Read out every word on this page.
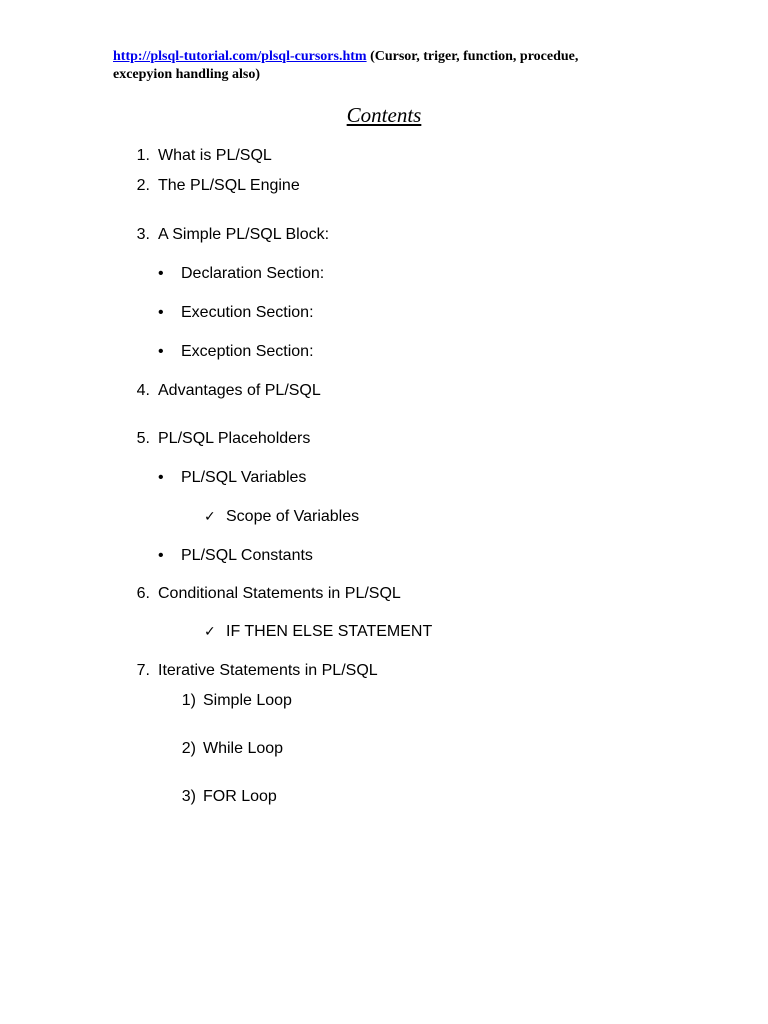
http://plsql-tutorial.com/plsql-cursors.htm (Cursor, triger, function, procedue,
excepyion handling also)
Contents
1. What is PL/SQL
2. The PL/SQL Engine
3. A Simple PL/SQL Block:
• Declaration Section:
• Execution Section:
• Exception Section:
4. Advantages of PL/SQL
5. PL/SQL Placeholders
• PL/SQL Variables
✓ Scope of Variables
• PL/SQL Constants
6. Conditional Statements in PL/SQL
✓ IF THEN ELSE STATEMENT
7. Iterative Statements in PL/SQL
1) Simple Loop
2) While Loop
3) FOR Loop
